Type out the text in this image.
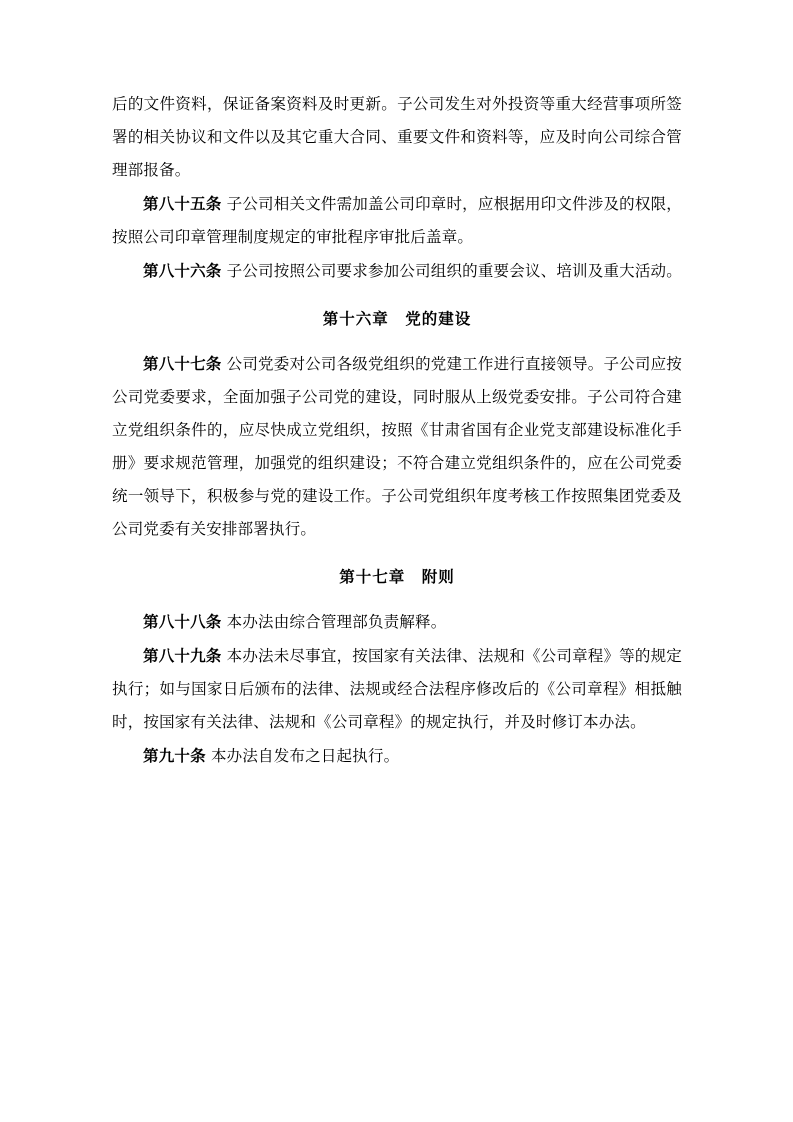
后的文件资料，保证备案资料及时更新。子公司发生对外投资等重大经营事项所签署的相关协议和文件以及其它重大合同、重要文件和资料等，应及时向公司综合管理部报备。

第八十五条 子公司相关文件需加盖公司印章时，应根据用印文件涉及的权限，按照公司印章管理制度规定的审批程序审批后盖章。

第八十六条 子公司按照公司要求参加公司组织的重要会议、培训及重大活动。

第十六章　党的建设

第八十七条 公司党委对公司各级党组织的党建工作进行直接领导。子公司应按公司党委要求，全面加强子公司党的建设，同时服从上级党委安排。子公司符合建立党组织条件的，应尽快成立党组织，按照《甘肃省国有企业党支部建设标准化手册》要求规范管理，加强党的组织建设；不符合建立党组织条件的，应在公司党委统一领导下，积极参与党的建设工作。子公司党组织年度考核工作按照集团党委及公司党委有关安排部署执行。

第十七章　附则

第八十八条 本办法由综合管理部负责解释。

第八十九条 本办法未尽事宜，按国家有关法律、法规和《公司章程》等的规定执行；如与国家日后颁布的法律、法规或经合法程序修改后的《公司章程》相抵触时，按国家有关法律、法规和《公司章程》的规定执行，并及时修订本办法。

第九十条 本办法自发布之日起执行。
